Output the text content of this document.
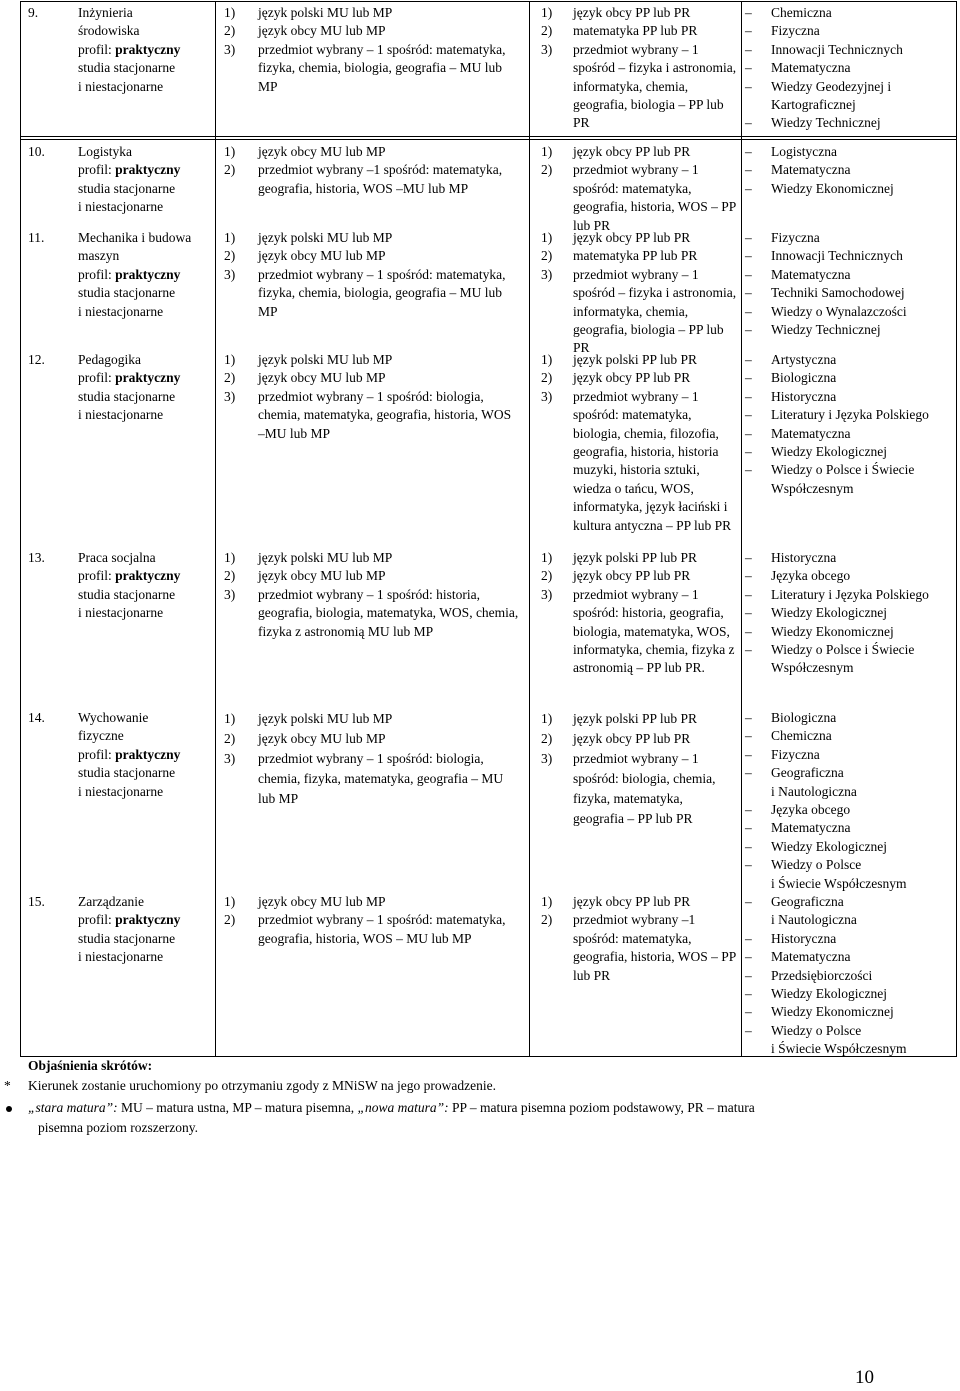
9.	Inżynieria
środowiska
profil: praktyczny
studia stacjonarne
i niestacjonarne
1) język polski MU lub MP
2) język obcy MU lub MP
3) przedmiot wybrany – 1 spośród: matematyka, fizyka, chemia, biologia, geografia – MU lub MP
1) język obcy PP lub PR
2) matematyka PP lub PR
3) przedmiot wybrany – 1 spośród – fizyka i astronomia, informatyka, chemia, geografia, biologia – PP lub PR
– Chemiczna
– Fizyczna
– Innowacji Technicznych
– Matematyczna
– Wiedzy Geodezyjnej i
Kartograficznej
– Wiedzy Technicznej
10. Logistyka
profil: praktyczny
studia stacjonarne
i niestacjonarne
1) język obcy MU lub MP
2) przedmiot wybrany –1 spośród: matematyka, geografia, historia, WOS –MU lub MP
1) język obcy PP lub PR
2) przedmiot wybrany – 1 spośród: matematyka, geografia, historia, WOS – PP lub PR
– Logistyczna
– Matematyczna
– Wiedzy Ekonomicznej
11. Mechanika i budowa
maszyn
profil: praktyczny
studia stacjonarne
i niestacjonarne
1) język polski MU lub MP
2) język obcy MU lub MP
3) przedmiot wybrany – 1 spośród: matematyka, fizyka, chemia, biologia, geografia – MU lub MP
1) język obcy PP lub PR
2) matematyka PP lub PR
3) przedmiot wybrany – 1 spośród – fizyka i astronomia, informatyka, chemia, geografia, biologia – PP lub PR
– Fizyczna
– Innowacji Technicznych
– Matematyczna
– Techniki Samochodowej
– Wiedzy o Wynalazczości
– Wiedzy Technicznej
12. Pedagogika
profil: praktyczny
studia stacjonarne
i niestacjonarne
1) język polski MU lub MP
2) język obcy MU lub MP
3) przedmiot wybrany – 1 spośród: biologia, chemia, matematyka, geografia, historia, WOS –MU lub MP
1) język polski PP lub PR
2) język obcy PP lub PR
3) przedmiot wybrany – 1 spośród: matematyka, biologia, chemia, filozofia, geografia, historia, historia muzyki, historia sztuki, wiedza o tańcu, WOS, informatyka, język łaciński i kultura antyczna – PP lub PR
– Artystyczna
– Biologiczna
– Historyczna
– Literatury i Języka Polskiego
– Matematyczna
– Wiedzy Ekologicznej
– Wiedzy o Polsce i Świecie
Współczesnym
13. Praca socjalna
profil: praktyczny
studia stacjonarne
i niestacjonarne
1) język polski MU lub MP
2) język obcy MU lub MP
3) przedmiot wybrany – 1 spośród: historia, geografia, biologia, matematyka, WOS, chemia, fizyka z astronomią MU lub MP
1) język polski PP lub PR
2) język obcy PP lub PR
3) przedmiot wybrany – 1 spośród: historia, geografia, biologia, matematyka, WOS, informatyka, chemia, fizyka z astronomią – PP lub PR.
– Historyczna
– Języka obcego
– Literatury i Języka Polskiego
– Wiedzy Ekologicznej
– Wiedzy Ekonomicznej
– Wiedzy o Polsce i Świecie
Współczesnym
14. Wychowanie
fizyczne
profil: praktyczny
studia stacjonarne
i niestacjonarne
1) język polski MU lub MP
2) język obcy MU lub MP
3) przedmiot wybrany – 1 spośród: biologia, chemia, fizyka, matematyka, geografia – MU lub MP
1) język polski PP lub PR
2) język obcy PP lub PR
3) przedmiot wybrany – 1 spośród: biologia, chemia, fizyka, matematyka, geografia – PP lub PR
– Biologiczna
– Chemiczna
– Fizyczna
– Geograficzna
i Nautologiczna
– Języka obcego
– Matematyczna
– Wiedzy Ekologicznej
– Wiedzy o Polsce
i Świecie Współczesnym
15. Zarządzanie
profil: praktyczny
studia stacjonarne
i niestacjonarne
1) język obcy MU lub MP
2) przedmiot wybrany – 1 spośród: matematyka, geografia, historia, WOS – MU lub MP
1) język obcy PP lub PR
2) przedmiot wybrany –1 spośród: matematyka, geografia, historia, WOS – PP lub PR
– Geograficzna
i Nautologiczna
– Historyczna
– Matematyczna
– Przedsiębiorczości
– Wiedzy Ekologicznej
– Wiedzy Ekonomicznej
– Wiedzy o Polsce
i Świecie Współczesnym
Objaśnienia skrótów:
* Kierunek zostanie uruchomiony po otrzymaniu zgody z MNiSW na jego prowadzenie.
„stara matura”: MU – matura ustna, MP – matura pisemna, „nowa matura”: PP – matura pisemna poziom podstawowy, PR – matura
pisemna poziom rozszerzony.
10
